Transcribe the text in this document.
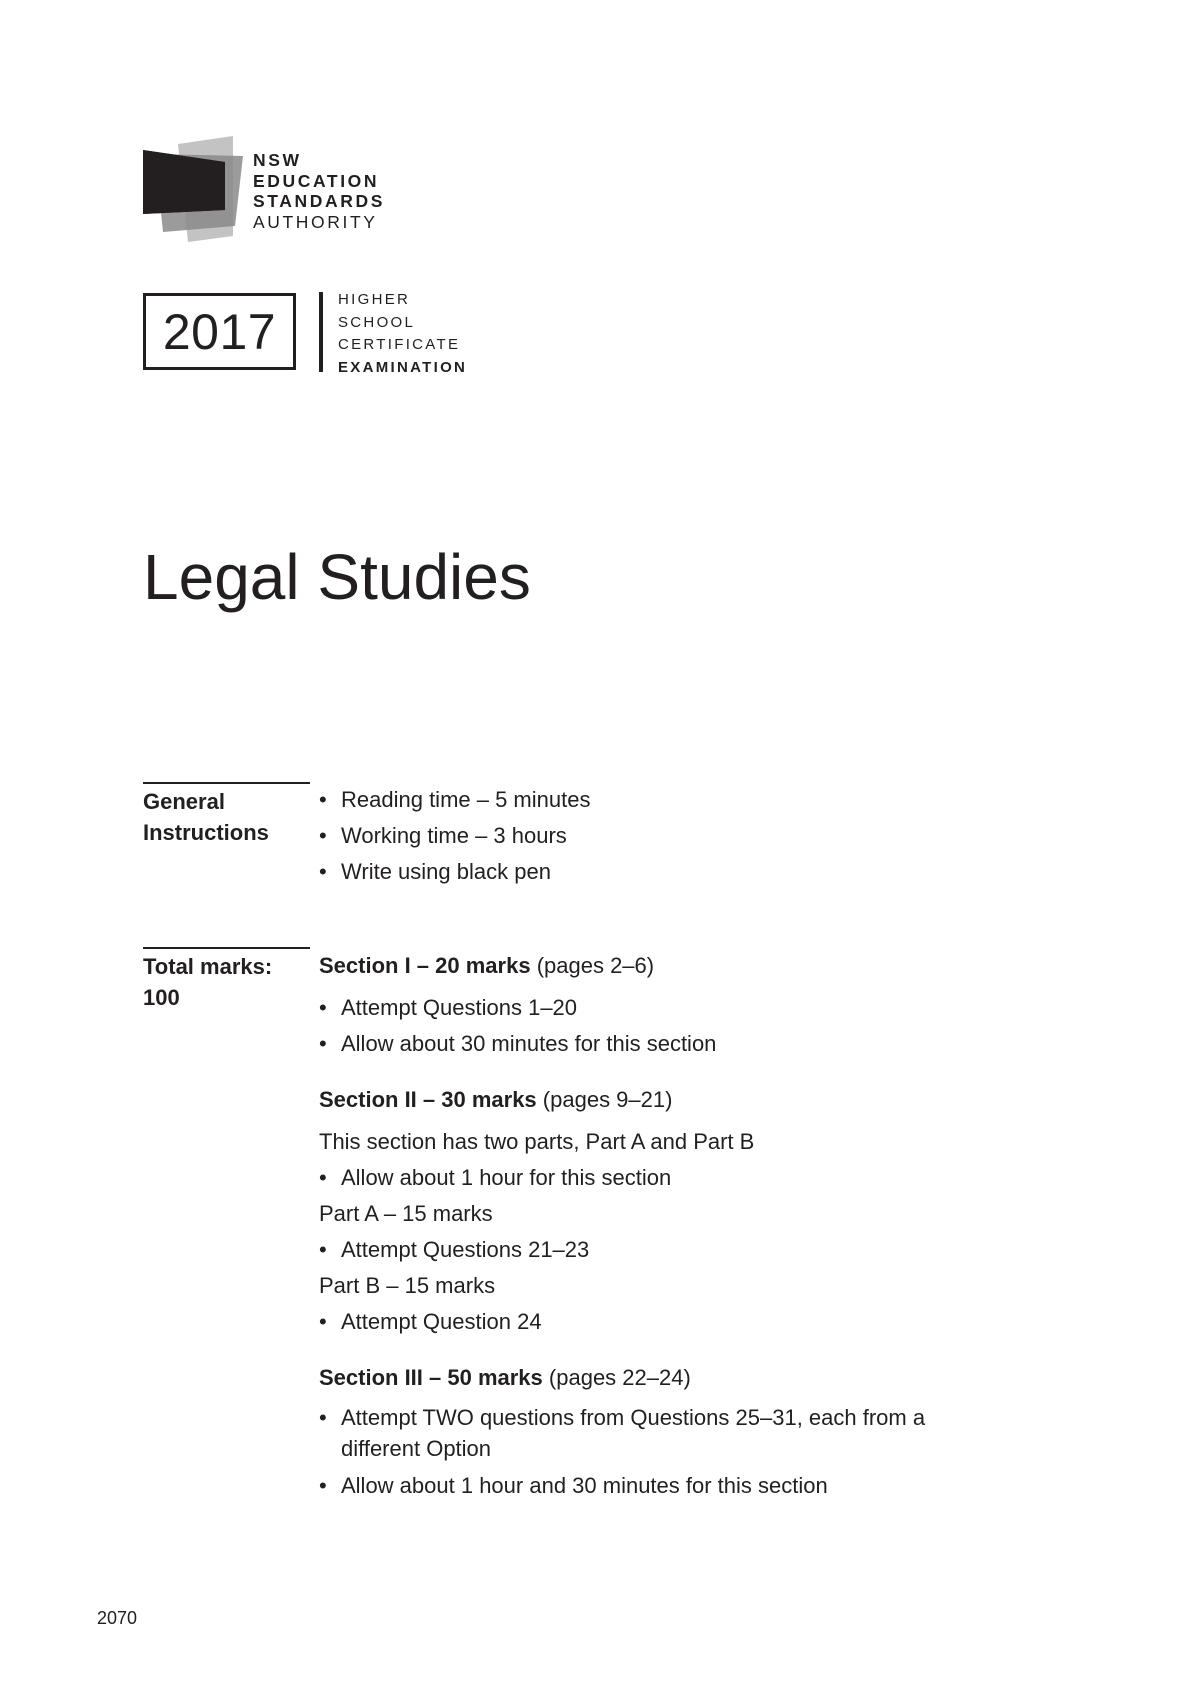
NSW
EDUCATION
STANDARDS
AUTHORITY
2017
HIGHER
SCHOOL
CERTIFICATE
EXAMINATION
Legal Studies
General
Instructions
• Reading time – 5 minutes
• Working time – 3 hours
• Write using black pen
Total marks:
100
Section I – 20 marks (pages 2–6)
• Attempt Questions 1–20
• Allow about 30 minutes for this section
Section II – 30 marks (pages 9–21)
This section has two parts, Part A and Part B
• Allow about 1 hour for this section
Part A – 15 marks
• Attempt Questions 21–23
Part B – 15 marks
• Attempt Question 24
Section III – 50 marks (pages 22–24)
• Attempt TWO questions from Questions 25–31, each from a
different Option
• Allow about 1 hour and 30 minutes for this section
2070
